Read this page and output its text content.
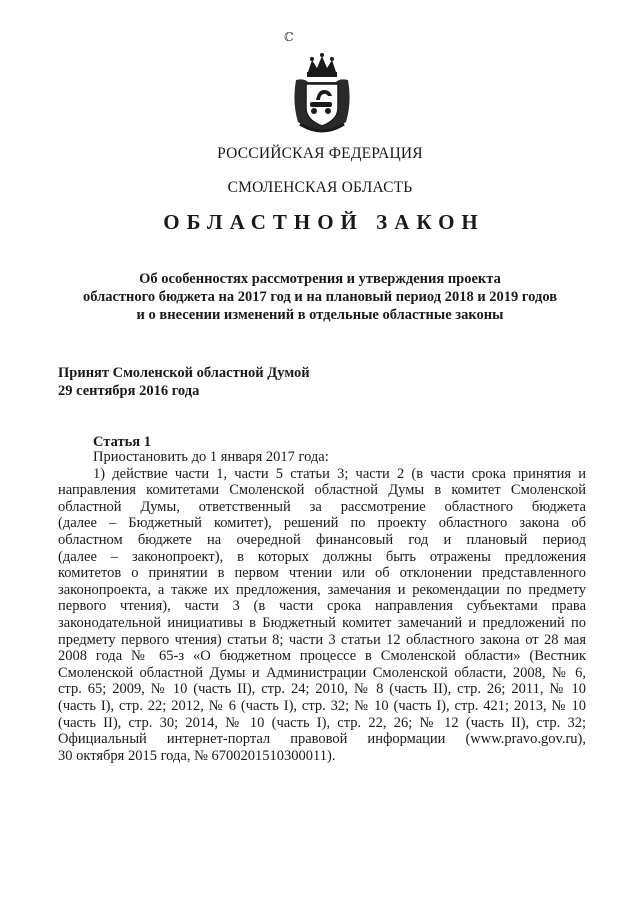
ℂ
РОССИЙСКАЯ ФЕДЕРАЦИЯ
СМОЛЕНСКАЯ ОБЛАСТЬ
ОБЛАСТНОЙ ЗАКОН
Об особенностях рассмотрения и утверждения проекта
областного бюджета на 2017 год и на плановый период 2018 и 2019 годов
и о внесении изменений в отдельные областные законы
Принят Смоленской областной Думой
29 сентября 2016 года
Статья 1
Приостановить до 1 января 2017 года:
1) действие части 1, части 5 статьи 3; части 2 (в части срока принятия и
направления комитетами Смоленской областной Думы в комитет Смоленской
областной Думы, ответственный за рассмотрение областного бюджета
(далее – Бюджетный комитет), решений по проекту областного закона об
областном бюджете на очередной финансовый год и плановый период
(далее – законопроект), в которых должны быть отражены предложения
комитетов о принятии в первом чтении или об отклонении представленного
законопроекта, а также их предложения, замечания и рекомендации по предмету
первого чтения), части 3 (в части срока направления субъектами права
законодательной инициативы в Бюджетный комитет замечаний и предложений по
предмету первого чтения) статьи 8; части 3 статьи 12 областного закона от 28 мая
2008 года № 65-з «О бюджетном процессе в Смоленской области» (Вестник
Смоленской областной Думы и Администрации Смоленской области, 2008, № 6,
стр. 65; 2009, № 10 (часть II), стр. 24; 2010, № 8 (часть II), стр. 26; 2011, № 10
(часть I), стр. 22; 2012, № 6 (часть I), стр. 32; № 10 (часть I), стр. 421; 2013, № 10
(часть II), стр. 30; 2014, № 10 (часть I), стр. 22, 26; № 12 (часть II), стр. 32;
Официальный интернет-портал правовой информации (www.pravo.gov.ru),
30 октября 2015 года, № 6700201510300011).
